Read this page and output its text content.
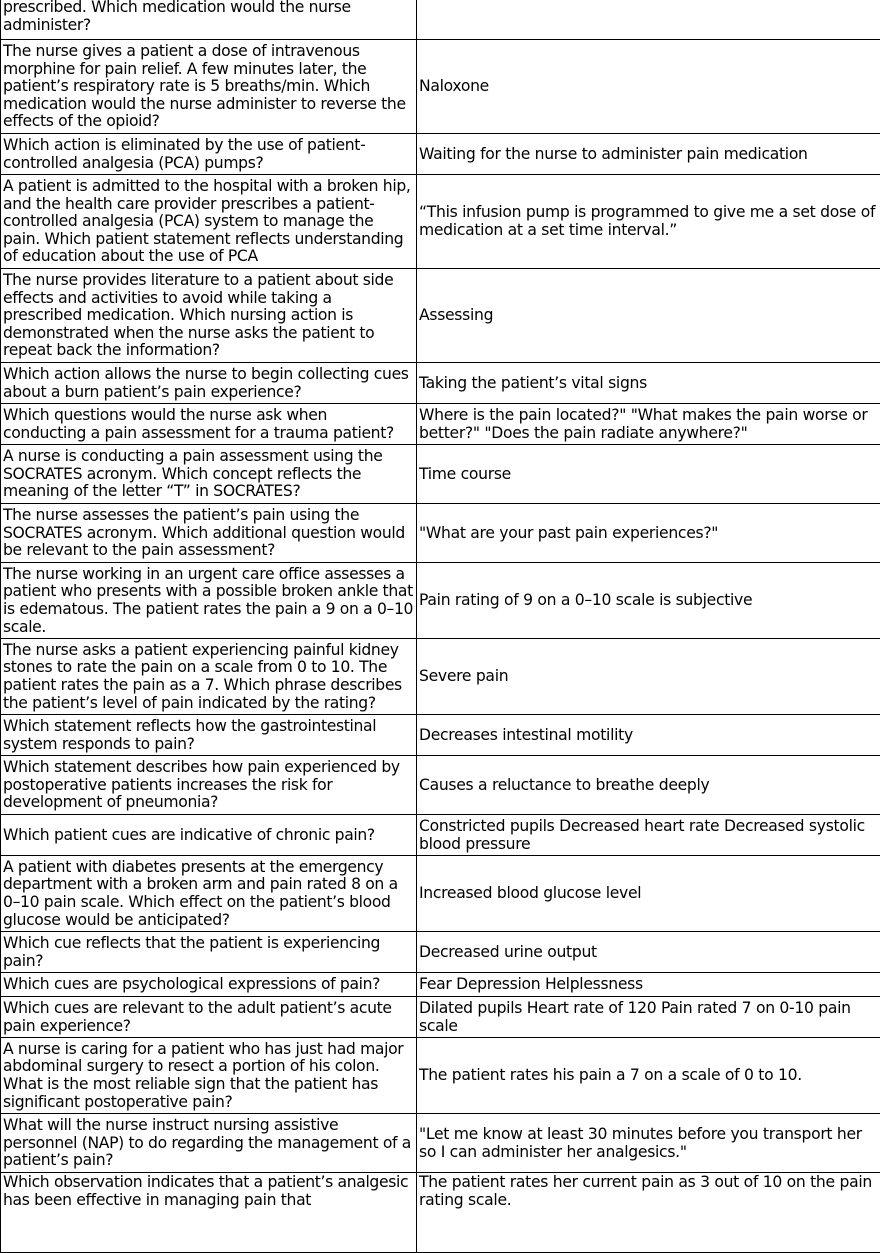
prescribed. Which medication would the nurse administer?	
The nurse gives a patient a dose of intravenous morphine for pain relief. A few minutes later, the patient’s respiratory rate is 5 breaths/min. Which medication would the nurse administer to reverse the effects of the opioid?	Naloxone
Which action is eliminated by the use of patient-controlled analgesia (PCA) pumps?	Waiting for the nurse to administer pain medication
A patient is admitted to the hospital with a broken hip, and the health care provider prescribes a patient-controlled analgesia (PCA) system to manage the pain. Which patient statement reflects understanding of education about the use of PCA	“This infusion pump is programmed to give me a set dose of medication at a set time interval.”
The nurse provides literature to a patient about side effects and activities to avoid while taking a prescribed medication. Which nursing action is demonstrated when the nurse asks the patient to repeat back the information?	Assessing
Which action allows the nurse to begin collecting cues about a burn patient’s pain experience?	Taking the patient’s vital signs
Which questions would the nurse ask when conducting a pain assessment for a trauma patient?	Where is the pain located?" "What makes the pain worse or better?" "Does the pain radiate anywhere?"
A nurse is conducting a pain assessment using the SOCRATES acronym. Which concept reflects the meaning of the letter “T” in SOCRATES?	Time course
The nurse assesses the patient’s pain using the SOCRATES acronym. Which additional question would be relevant to the pain assessment?	"What are your past pain experiences?"
The nurse working in an urgent care office assesses a patient who presents with a possible broken ankle that is edematous. The patient rates the pain a 9 on a 0–10 scale.	Pain rating of 9 on a 0–10 scale is subjective
The nurse asks a patient experiencing painful kidney stones to rate the pain on a scale from 0 to 10. The patient rates the pain as a 7. Which phrase describes the patient’s level of pain indicated by the rating?	Severe pain
Which statement reflects how the gastrointestinal system responds to pain?	Decreases intestinal motility
Which statement describes how pain experienced by postoperative patients increases the risk for development of pneumonia?	Causes a reluctance to breathe deeply
Which patient cues are indicative of chronic pain?	Constricted pupils Decreased heart rate Decreased systolic blood pressure
A patient with diabetes presents at the emergency department with a broken arm and pain rated 8 on a 0–10 pain scale. Which effect on the patient’s blood glucose would be anticipated?	Increased blood glucose level
Which cue reflects that the patient is experiencing pain?	Decreased urine output
Which cues are psychological expressions of pain?	Fear Depression Helplessness
Which cues are relevant to the adult patient’s acute pain experience?	Dilated pupils Heart rate of 120 Pain rated 7 on 0-10 pain scale
A nurse is caring for a patient who has just had major abdominal surgery to resect a portion of his colon. What is the most reliable sign that the patient has significant postoperative pain?	The patient rates his pain a 7 on a scale of 0 to 10.
What will the nurse instruct nursing assistive personnel (NAP) to do regarding the management of a patient’s pain?	"Let me know at least 30 minutes before you transport her so I can administer her analgesics."
Which observation indicates that a patient’s analgesic has been effective in managing pain that	The patient rates her current pain as 3 out of 10 on the pain rating scale.
